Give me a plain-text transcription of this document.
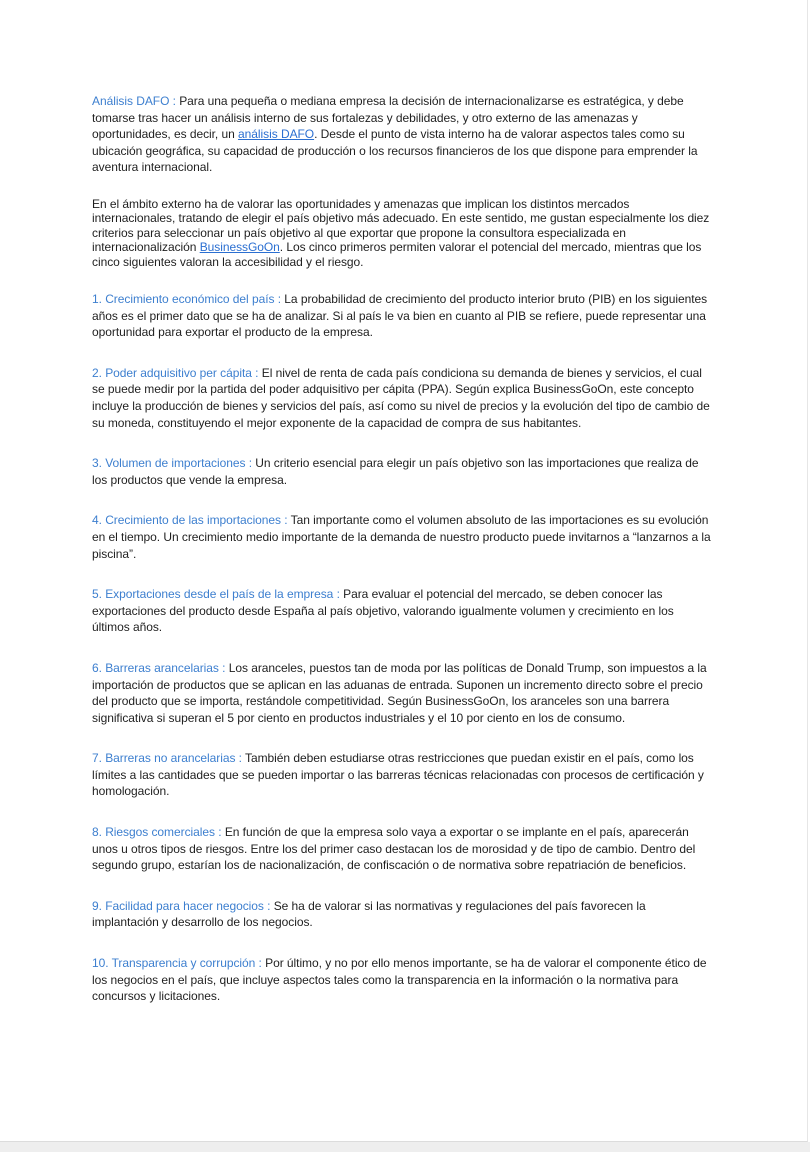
Análisis DAFO : Para una pequeña o mediana empresa la decisión de internacionalizarse es estratégica, y debe tomarse tras hacer un análisis interno de sus fortalezas y debilidades, y otro externo de las amenazas y oportunidades, es decir, un análisis DAFO. Desde el punto de vista interno ha de valorar aspectos tales como su ubicación geográfica, su capacidad de producción o los recursos financieros de los que dispone para emprender la aventura internacional.

En el ámbito externo ha de valorar las oportunidades y amenazas que implican los distintos mercados internacionales, tratando de elegir el país objetivo más adecuado. En este sentido, me gustan especialmente los diez criterios para seleccionar un país objetivo al que exportar que propone la consultora especializada en internacionalización BusinessGoOn. Los cinco primeros permiten valorar el potencial del mercado, mientras que los cinco siguientes valoran la accesibilidad y el riesgo.

1. Crecimiento económico del país : La probabilidad de crecimiento del producto interior bruto (PIB) en los siguientes años es el primer dato que se ha de analizar. Si al país le va bien en cuanto al PIB se refiere, puede representar una oportunidad para exportar el producto de la empresa.

2. Poder adquisitivo per cápita : El nivel de renta de cada país condiciona su demanda de bienes y servicios, el cual se puede medir por la partida del poder adquisitivo per cápita (PPA). Según explica BusinessGoOn, este concepto incluye la producción de bienes y servicios del país, así como su nivel de precios y la evolución del tipo de cambio de su moneda, constituyendo el mejor exponente de la capacidad de compra de sus habitantes.

3. Volumen de importaciones : Un criterio esencial para elegir un país objetivo son las importaciones que realiza de los productos que vende la empresa.

4. Crecimiento de las importaciones : Tan importante como el volumen absoluto de las importaciones es su evolución en el tiempo. Un crecimiento medio importante de la demanda de nuestro producto puede invitarnos a “lanzarnos a la piscina”.

5. Exportaciones desde el país de la empresa : Para evaluar el potencial del mercado, se deben conocer las exportaciones del producto desde España al país objetivo, valorando igualmente volumen y crecimiento en los últimos años.

6. Barreras arancelarias : Los aranceles, puestos tan de moda por las políticas de Donald Trump, son impuestos a la importación de productos que se aplican en las aduanas de entrada. Suponen un incremento directo sobre el precio del producto que se importa, restándole competitividad. Según BusinessGoOn, los aranceles son una barrera significativa si superan el 5 por ciento en productos industriales y el 10 por ciento en los de consumo.

7. Barreras no arancelarias : También deben estudiarse otras restricciones que puedan existir en el país, como los límites a las cantidades que se pueden importar o las barreras técnicas relacionadas con procesos de certificación y homologación.

8. Riesgos comerciales : En función de que la empresa solo vaya a exportar o se implante en el país, aparecerán unos u otros tipos de riesgos. Entre los del primer caso destacan los de morosidad y de tipo de cambio. Dentro del segundo grupo, estarían los de nacionalización, de confiscación o de normativa sobre repatriación de beneficios.

9. Facilidad para hacer negocios : Se ha de valorar si las normativas y regulaciones del país favorecen la implantación y desarrollo de los negocios.

10. Transparencia y corrupción : Por último, y no por ello menos importante, se ha de valorar el componente ético de los negocios en el país, que incluye aspectos tales como la transparencia en la información o la normativa para concursos y licitaciones.
